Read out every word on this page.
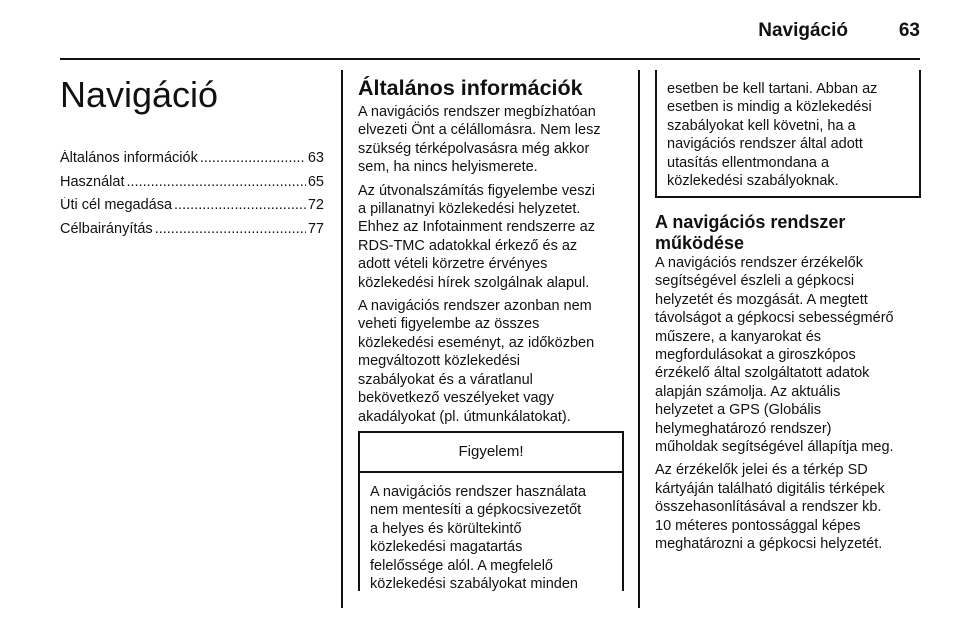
Navigáció	63
Navigáció
Általános információk .....	63
Használat .....	65
Úti cél megadása .....	72
Célbairányítás .....	77
Általános információk
A navigációs rendszer megbízhatóan
elvezeti Önt a célállomásra. Nem lesz
szükség térképolvasásra még akkor
sem, ha nincs helyismerete.
Az útvonalszámítás figyelembe veszi
a pillanatnyi közlekedési helyzetet.
Ehhez az Infotainment rendszerre az
RDS-TMC adatokkal érkező és az
adott vételi körzetre érvényes
közlekedési hírek szolgálnak alapul.
A navigációs rendszer azonban nem
veheti figyelembe az összes
közlekedési eseményt, az időközben
megváltozott közlekedési
szabályokat és a váratlanul
bekövetkező veszélyeket vagy
akadályokat (pl. útmunkálatokat).
Figyelem!
A navigációs rendszer használata
nem mentesíti a gépkocsivezetőt
a helyes és körültekintő
közlekedési magatartás
felelőssége alól. A megfelelő
közlekedési szabályokat minden
esetben be kell tartani. Abban az
esetben is mindig a közlekedési
szabályokat kell követni, ha a
navigációs rendszer által adott
utasítás ellentmondana a
közlekedési szabályoknak.
A navigációs rendszer
működése
A navigációs rendszer érzékelők
segítségével észleli a gépkocsi
helyzetét és mozgását. A megtett
távolságot a gépkocsi sebességmérő
műszere, a kanyarokat és
megfordulásokat a giroszkópos
érzékelő által szolgáltatott adatok
alapján számolja. Az aktuális
helyzetet a GPS (Globális
helymeghatározó rendszer)
műholdak segítségével állapítja meg.
Az érzékelők jelei és a térkép SD
kártyáján található digitális térképek
összehasonlításával a rendszer kb.
10 méteres pontossággal képes
meghatározni a gépkocsi helyzetét.
